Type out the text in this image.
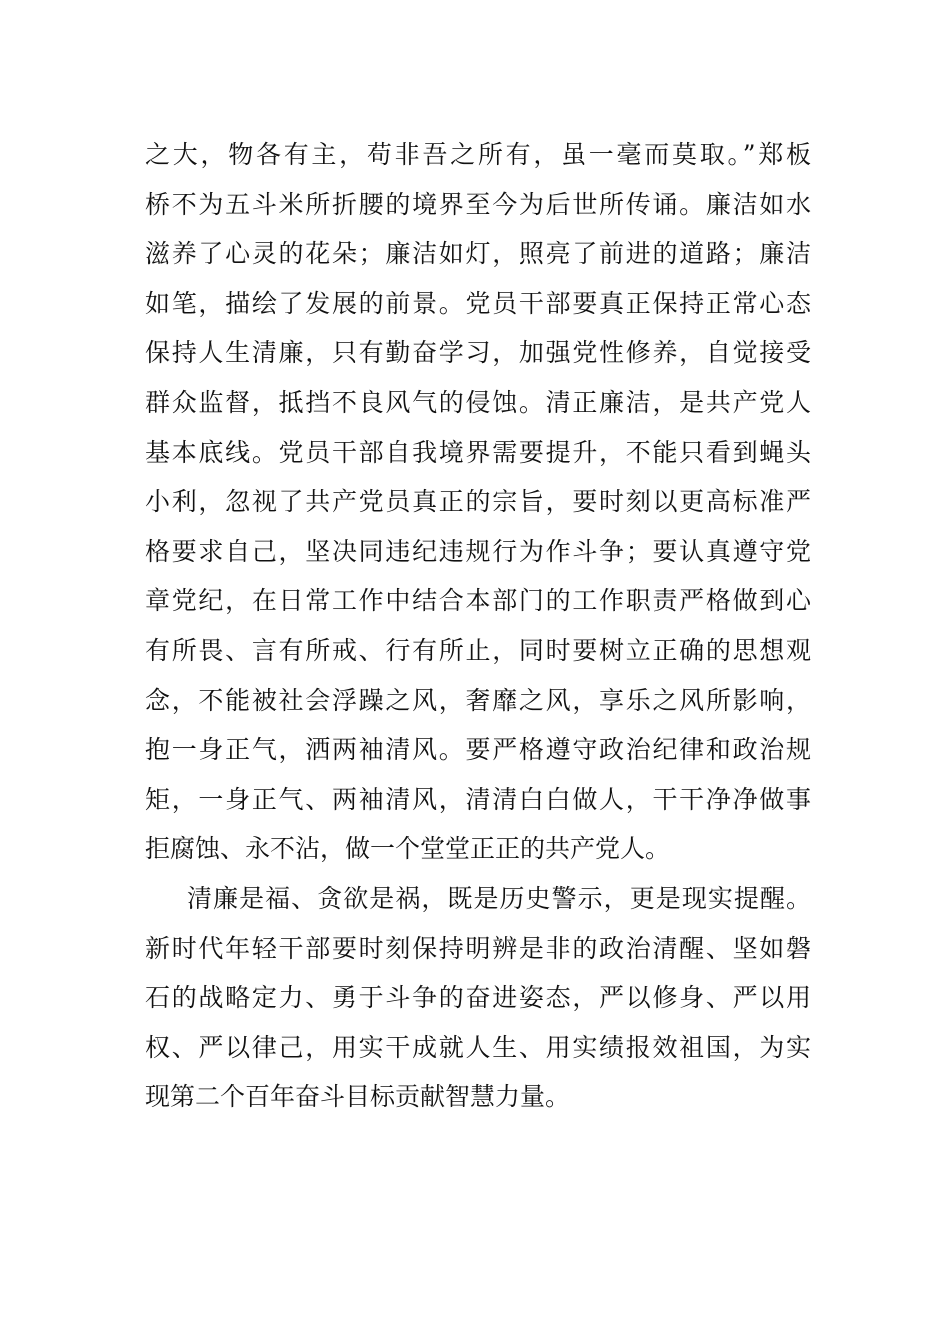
之大，物各有主，苟非吾之所有，虽一毫而莫取。”郑板
桥不为五斗米所折腰的境界至今为后世所传诵。廉洁如水
滋养了心灵的花朵；廉洁如灯，照亮了前进的道路；廉洁
如笔，描绘了发展的前景。党员干部要真正保持正常心态
保持人生清廉，只有勤奋学习，加强党性修养，自觉接受
群众监督，抵挡不良风气的侵蚀。清正廉洁，是共产党人
基本底线。党员干部自我境界需要提升，不能只看到蝇头
小利，忽视了共产党员真正的宗旨，要时刻以更高标准严
格要求自己，坚决同违纪违规行为作斗争；要认真遵守党
章党纪，在日常工作中结合本部门的工作职责严格做到心
有所畏、言有所戒、行有所止，同时要树立正确的思想观
念，不能被社会浮躁之风，奢靡之风，享乐之风所影响，
抱一身正气，洒两袖清风。要严格遵守政治纪律和政治规
矩，一身正气、两袖清风，清清白白做人，干干净净做事
拒腐蚀、永不沾，做一个堂堂正正的共产党人。
清廉是福、贪欲是祸，既是历史警示，更是现实提醒。
新时代年轻干部要时刻保持明辨是非的政治清醒、坚如磐
石的战略定力、勇于斗争的奋进姿态，严以修身、严以用
权、严以律己，用实干成就人生、用实绩报效祖国，为实
现第二个百年奋斗目标贡献智慧力量。
